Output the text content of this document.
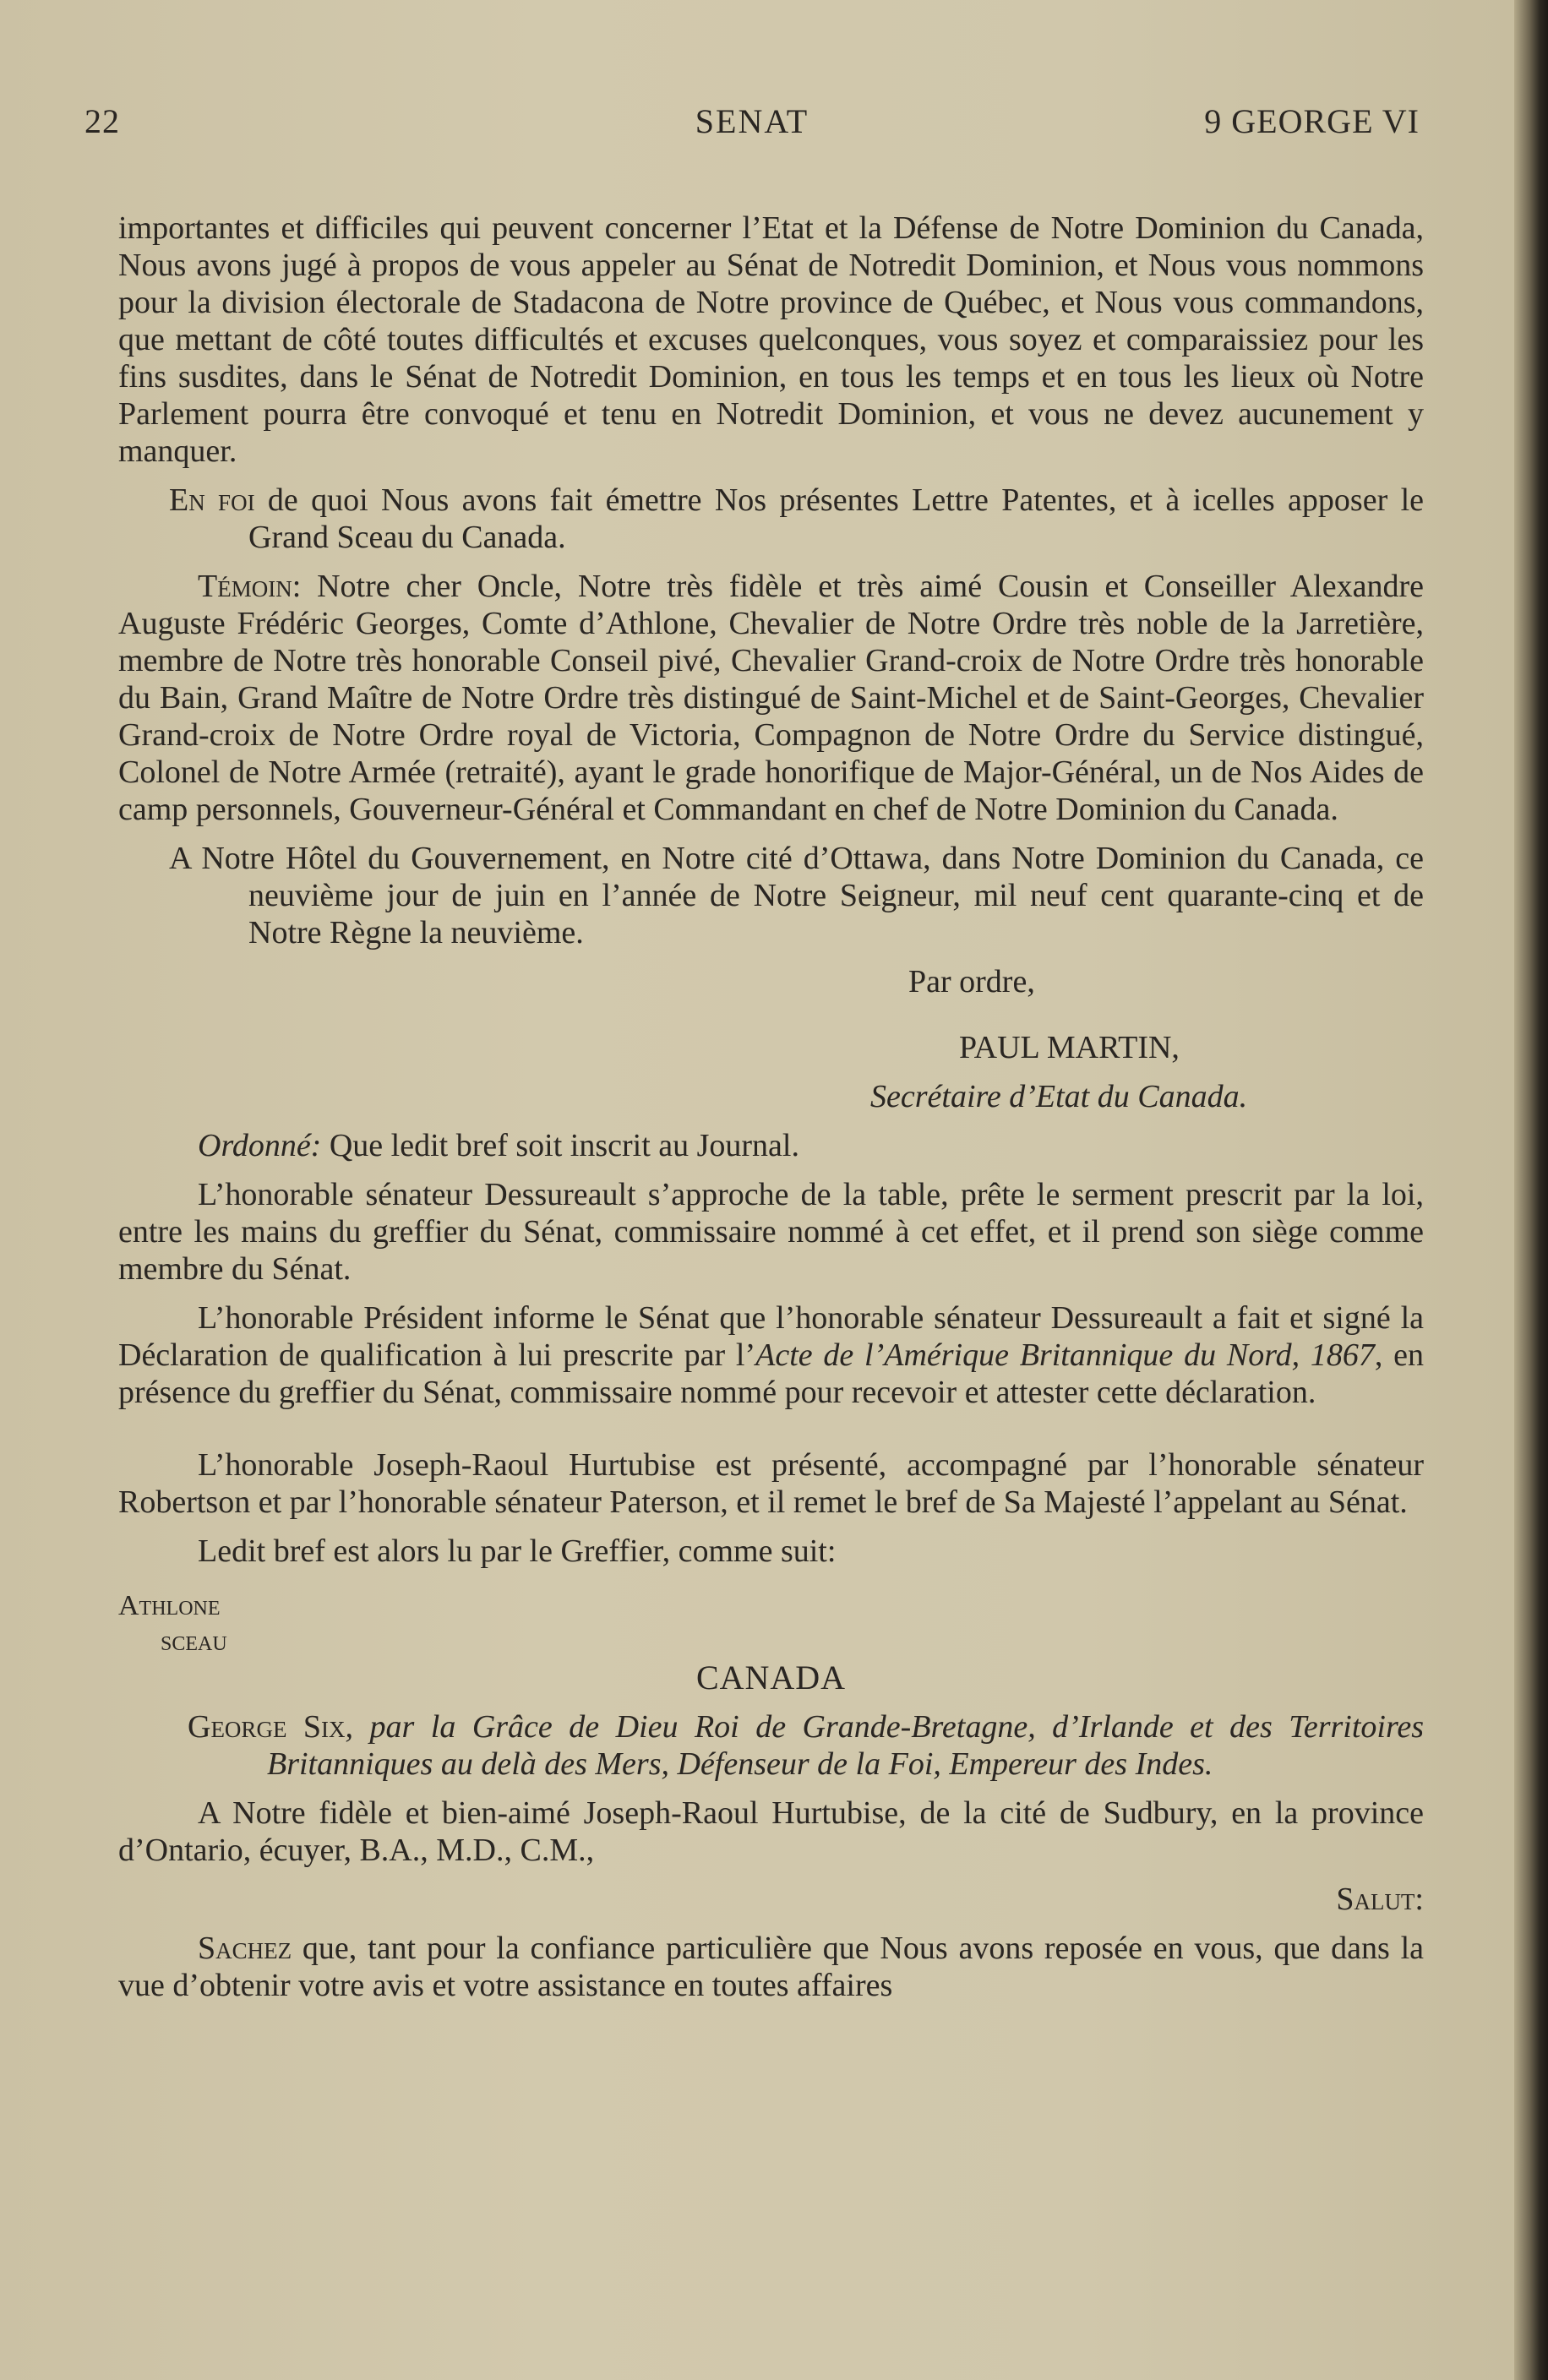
22	SENAT	9 GEORGE VI

importantes et difficiles qui peuvent concerner l’Etat et la Défense de Notre Dominion du Canada, Nous avons jugé à propos de vous appeler au Sénat de Notredit Dominion, et Nous vous nommons pour la division électorale de Stadacona de Notre province de Québec, et Nous vous commandons, que mettant de côté toutes difficultés et excuses quelconques, vous soyez et comparaissiez pour les fins susdites, dans le Sénat de Notredit Dominion, en tous les temps et en tous les lieux où Notre Parlement pourra être convoqué et tenu en Notredit Dominion, et vous ne devez aucunement y manquer.

En foi de quoi Nous avons fait émettre Nos présentes Lettre Patentes, et à icelles apposer le Grand Sceau du Canada.

Témoin: Notre cher Oncle, Notre très fidèle et très aimé Cousin et Conseiller Alexandre Auguste Frédéric Georges, Comte d’Athlone, Chevalier de Notre Ordre très noble de la Jarretière, membre de Notre très honorable Conseil pivé, Chevalier Grand-croix de Notre Ordre très honorable du Bain, Grand Maître de Notre Ordre très distingué de Saint-Michel et de Saint-Georges, Chevalier Grand-croix de Notre Ordre royal de Victoria, Compagnon de Notre Ordre du Service distingué, Colonel de Notre Armée (retraité), ayant le grade honorifique de Major-Général, un de Nos Aides de camp personnels, Gouverneur-Général et Commandant en chef de Notre Dominion du Canada.

A Notre Hôtel du Gouvernement, en Notre cité d’Ottawa, dans Notre Dominion du Canada, ce neuvième jour de juin en l’année de Notre Seigneur, mil neuf cent quarante-cinq et de Notre Règne la neuvième.

Par ordre,

PAUL MARTIN,

Secrétaire d’Etat du Canada.

Ordonné: Que ledit bref soit inscrit au Journal.

L’honorable sénateur Dessureault s’approche de la table, prête le serment prescrit par la loi, entre les mains du greffier du Sénat, commissaire nommé à cet effet, et il prend son siège comme membre du Sénat.

L’honorable Président informe le Sénat que l’honorable sénateur Dessureault a fait et signé la Déclaration de qualification à lui prescrite par l’Acte de l’Amérique Britannique du Nord, 1867, en présence du greffier du Sénat, commissaire nommé pour recevoir et attester cette déclaration.

L’honorable Joseph-Raoul Hurtubise est présenté, accompagné par l’honorable sénateur Robertson et par l’honorable sénateur Paterson, et il remet le bref de Sa Majesté l’appelant au Sénat.

Ledit bref est alors lu par le Greffier, comme suit:

Athlone
sceau

CANADA

George Six, par la Grâce de Dieu Roi de Grande-Bretagne, d’Irlande et des Territoires Britanniques au delà des Mers, Défenseur de la Foi, Empereur des Indes.

A Notre fidèle et bien-aimé Joseph-Raoul Hurtubise, de la cité de Sudbury, en la province d’Ontario, écuyer, B.A., M.D., C.M.,

Salut:

Sachez que, tant pour la confiance particulière que Nous avons reposée en vous, que dans la vue d’obtenir votre avis et votre assistance en toutes affaires
